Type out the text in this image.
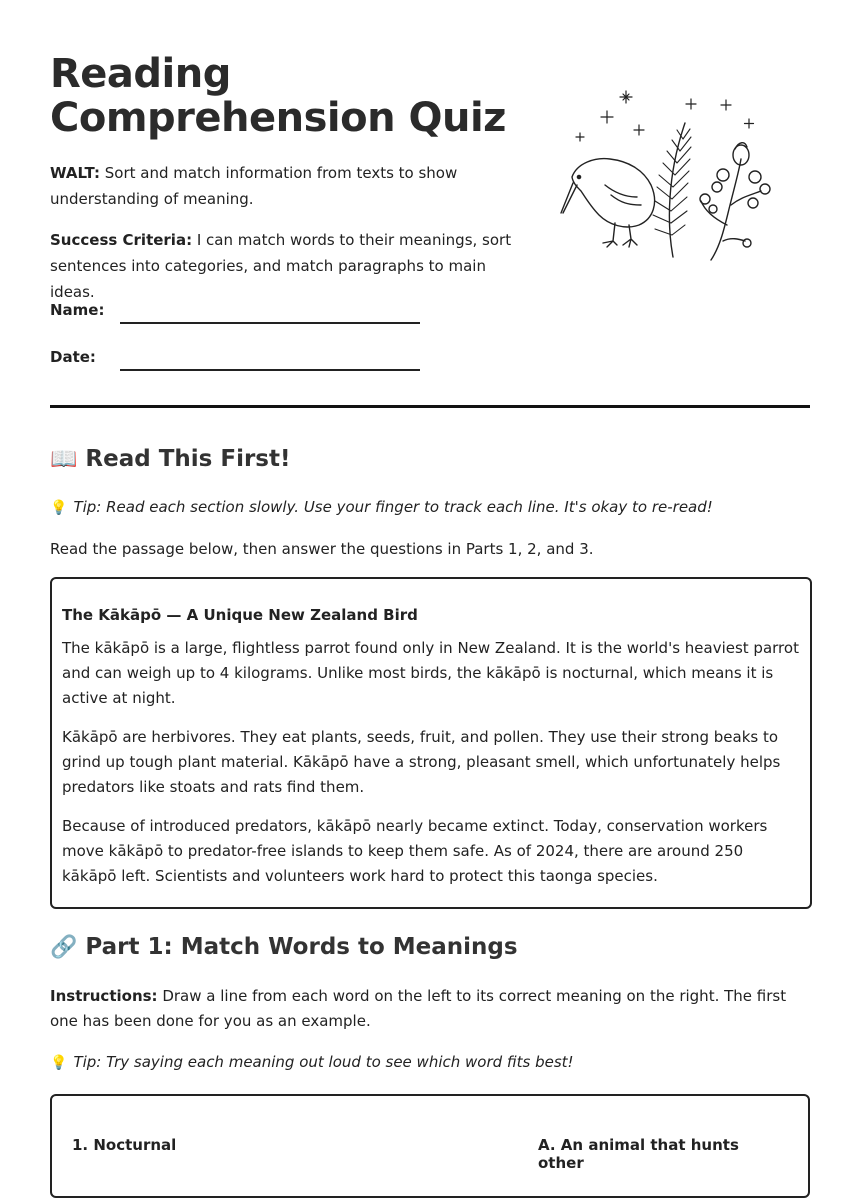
Reading
Comprehension Quiz

WALT: Sort and match information from texts to show understanding of meaning.

Success Criteria: I can match words to their meanings, sort sentences into categories, and match paragraphs to main ideas.

Name:
Date:
📖 Read This First!

💡 Tip: Read each section slowly. Use your finger to track each line. It's okay to re-read!

Read the passage below, then answer the questions in Parts 1, 2, and 3.

The Kākāpō — A Unique New Zealand Bird

The kākāpō is a large, flightless parrot found only in New Zealand. It is the world's heaviest parrot and can weigh up to 4 kilograms. Unlike most birds, the kākāpō is nocturnal, which means it is active at night.

Kākāpō are herbivores. They eat plants, seeds, fruit, and pollen. They use their strong beaks to grind up tough plant material. Kākāpō have a strong, pleasant smell, which unfortunately helps predators like stoats and rats find them.

Because of introduced predators, kākāpō nearly became extinct. Today, conservation workers move kākāpō to predator-free islands to keep them safe. As of 2024, there are around 250 kākāpō left. Scientists and volunteers work hard to protect this taonga species.

🔗 Part 1: Match Words to Meanings

Instructions: Draw a line from each word on the left to its correct meaning on the right. The first one has been done for you as an example.

💡 Tip: Try saying each meaning out loud to see which word fits best!

1. Nocturnal	A. An animal that hunts other
